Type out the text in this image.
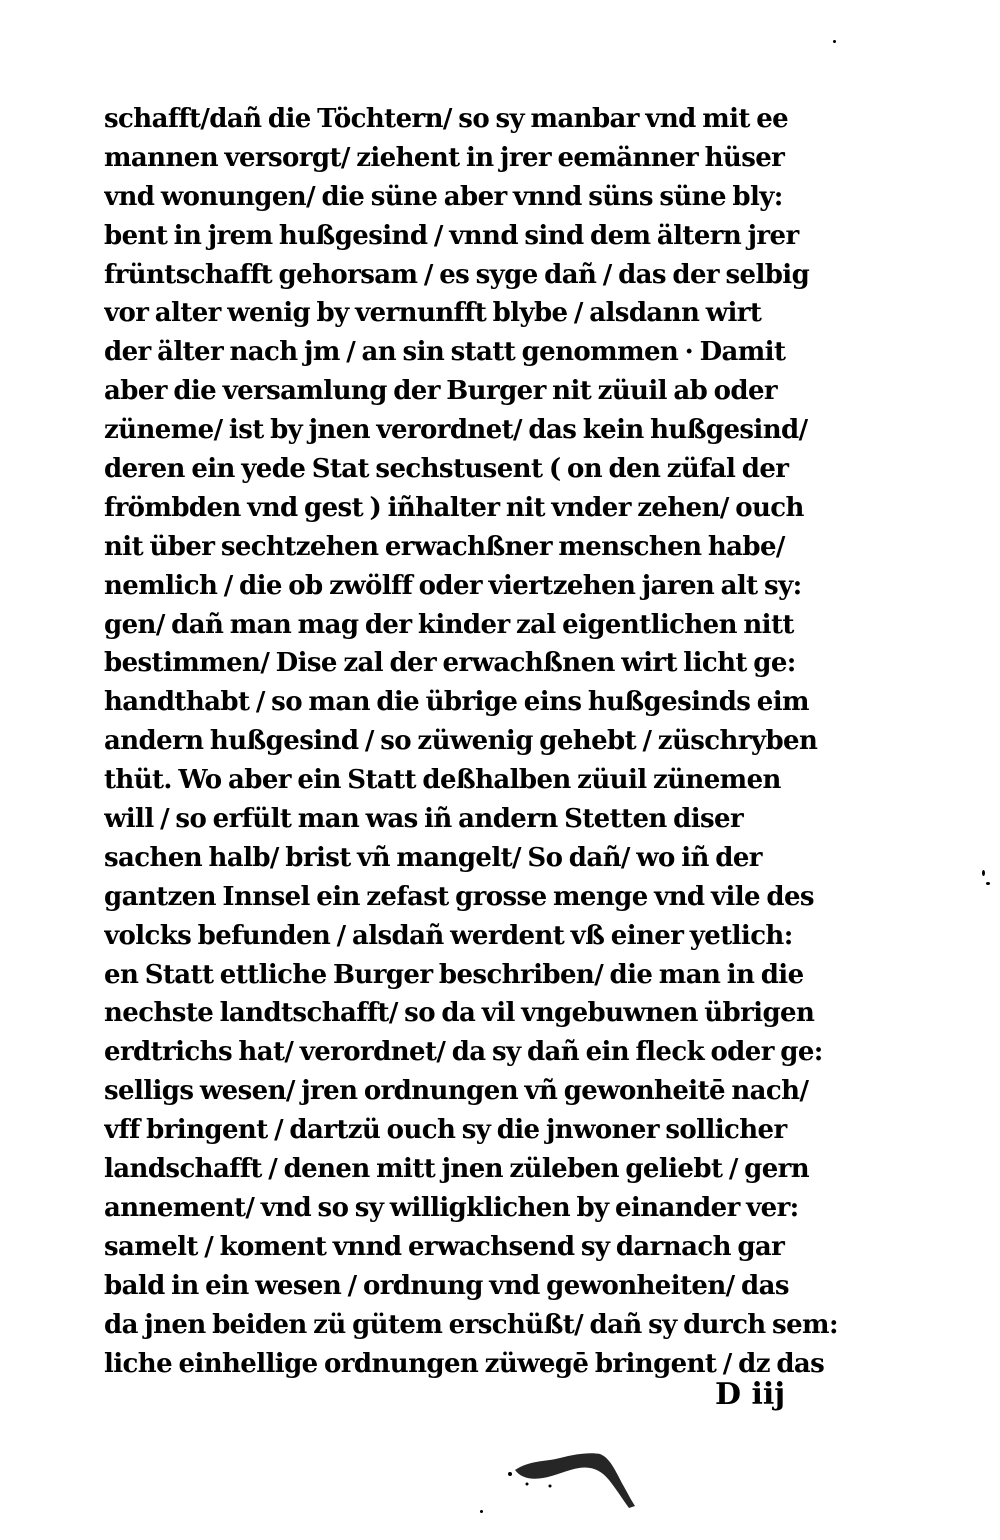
schafft/dañ die Töchtern/ so sy manbar vnd mit ee
mannen versorgt/ ziehent in jrer eemänner hüser
vnd wonungen/ die süne aber vnnd süns süne bly:
bent in jrem hußgesind / vnnd sind dem ältern jrer
früntschafft gehorsam / es syge dañ / das der selbig
vor alter wenig by vernunfft blybe / alsdann wirt
der älter nach jm / an sin statt genommen · Damit
aber die versamlung der Burger nit züuil ab oder
züneme/ ist by jnen verordnet/ das kein hußgesind/
deren ein yede Stat sechstusent ( on den züfal der
frömbden vnd gest ) iñhalter nit vnder zehen/ ouch
nit über sechtzehen erwachßner menschen habe/
nemlich / die ob zwölff oder viertzehen jaren alt sy:
gen/ dañ man mag der kinder zal eigentlichen nitt
bestimmen/ Dise zal der erwachßnen wirt licht ge:
handthabt / so man die übrige eins hußgesinds eim
andern hußgesind / so züwenig gehebt / züschryben
thüt. Wo aber ein Statt deßhalben züuil zünemen
will / so erfült man was iñ andern Stetten diser
sachen halb/ brist vñ mangelt/ So dañ/ wo iñ der
gantzen Innsel ein zefast grosse menge vnd vile des
volcks befunden / alsdañ werdent vß einer yetlich:
en Statt ettliche Burger beschriben/ die man in die
nechste landtschafft/ so da vil vngebuwnen übrigen
erdtrichs hat/ verordnet/ da sy dañ ein fleck oder ge:
selligs wesen/ jren ordnungen vñ gewonheitē nach/
vff bringent / dartzü ouch sy die jnwoner sollicher
landschafft / denen mitt jnen züleben geliebt / gern
annement/ vnd so sy willigklichen by einander ver:
samelt / koment vnnd erwachsend sy darnach gar
bald in ein wesen / ordnung vnd gewonheiten/ das
da jnen beiden zü gütem erschüßt/ dañ sy durch sem:
liche einhellige ordnungen züwegē bringent / dz das
D iij
